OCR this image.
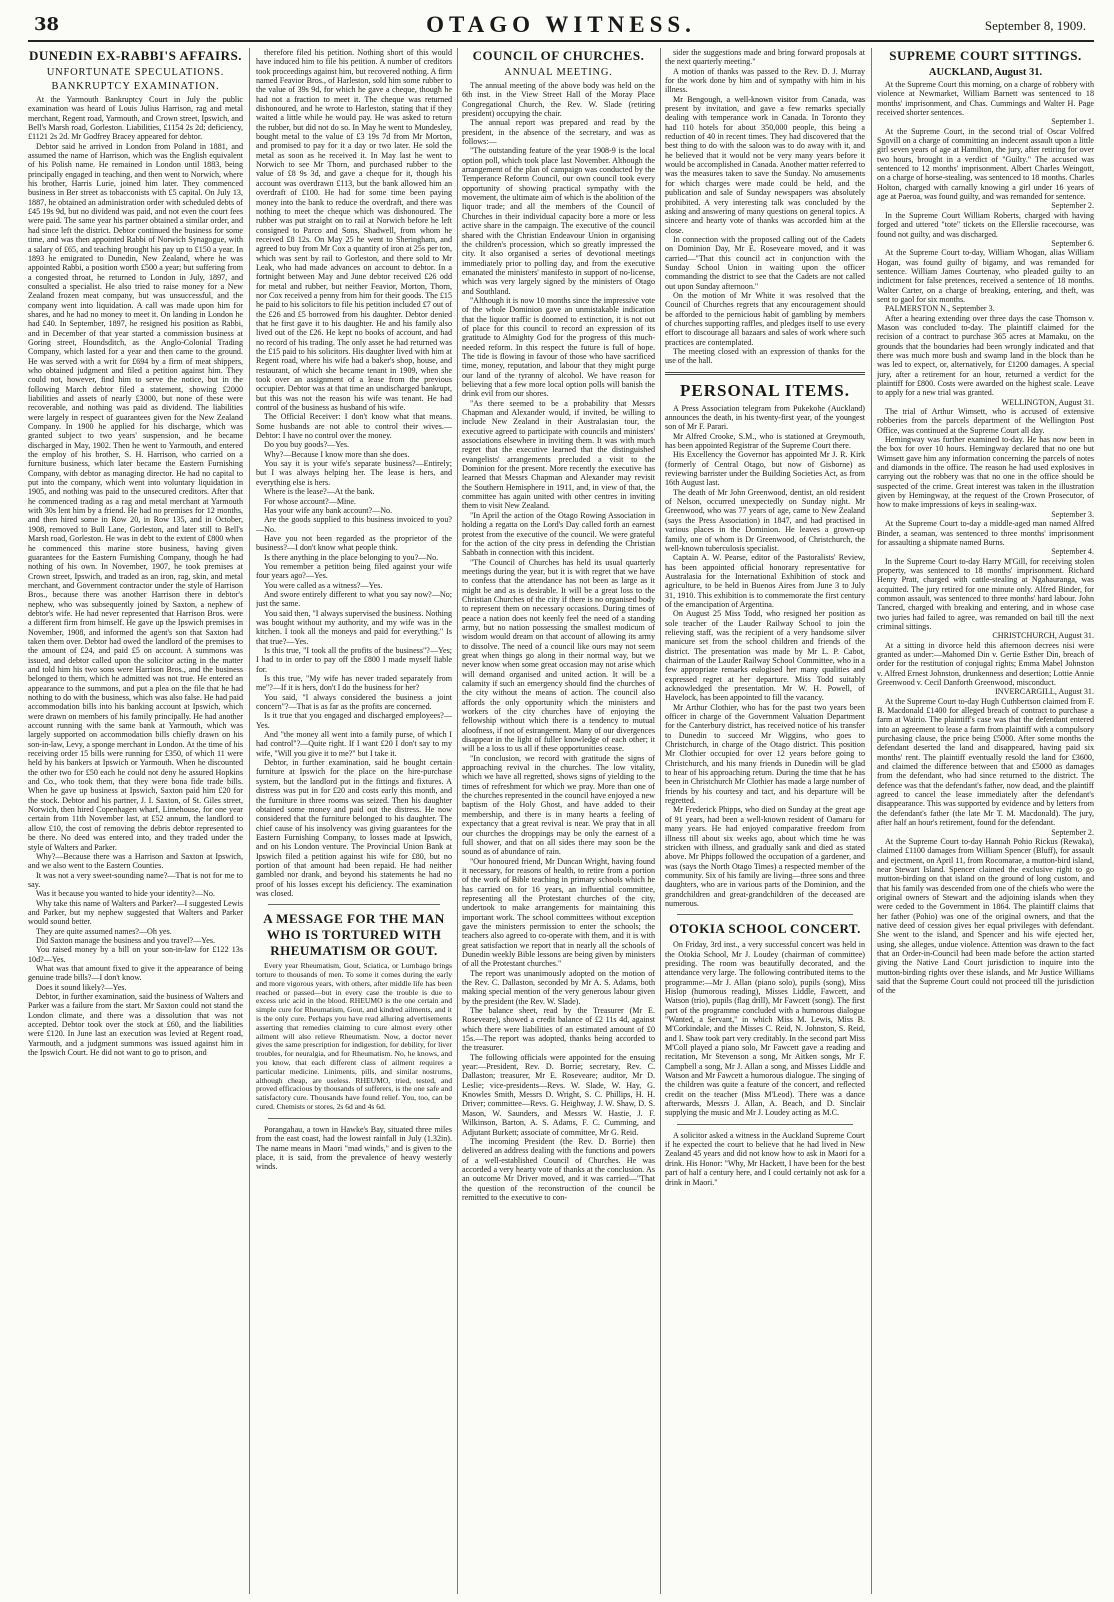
38	OTAGO WITNESS.	September 8, 1909.
DUNEDIN EX-RABBI'S AFFAIRS.
UNFORTUNATE SPECULATIONS.
BANKRUPTCY EXAMINATION.

At the Yarmouth Bankruptcy Court in July the public examination was heard of Louis Julius Harrison, rag and metal merchant, Regent road, Yarmouth, and Crown street, Ipswich, and Bell's Marsh road, Gorleston. Liabilities, £1154 2s 2d; deficiency, £1121 2s 2d. Mr Godfrey Bracey appeared for debtor.

Debtor said he arrived in London from Poland in 1881, and assumed the name of Harrison, which was the English equivalent of his Polish name. He remained in London until 1883, being principally engaged in teaching, and then went to Norwich, where his brother, Harris Lurie, joined him later. They commenced business in Ber street as tobacconists with £5 capital. On July 13, 1887, he obtained an administration order with scheduled debts of £45 19s 9d, but no dividend was paid, and not even the court fees were paid. The same year his partner obtained a similar order, and had since left the district. Debtor continued the business for some time, and was then appointed Rabbi of Norwich Synagogue, with a salary of £65, and teaching brought his pay up to £150 a year. In 1893 he emigrated to Dunedin, New Zealand, where he was appointed Rabbi, a position worth £500 a year; but suffering from a congested throat, he returned to London in July, 1897, and consulted a specialist. He also tried to raise money for a New Zealand frozen meat company, but was unsuccessful, and the company went into liquidation. A call was made upon him for shares, and he had no money to meet it. On landing in London he had £40. In September, 1897, he resigned his position as Rabbi, and in December of that year started a commission business at Goring street, Houndsditch, as the Anglo-Colonial Trading Company, which lasted for a year and then came to the ground. He was served with a writ for £694 by a firm of meat shippers, who obtained judgment and filed a petition against him. They could not, however, find him to serve the notice, but in the following March debtor filed a statement, showing £2000 liabilities and assets of nearly £3000, but none of these were recoverable, and nothing was paid as dividend. The liabilities were largely in respect of guarantees given for the New Zealand Company. In 1900 he applied for his discharge, which was granted subject to two years' suspension, and he became discharged in May, 1902. Then he went to Yarmouth, and entered the employ of his brother, S. H. Harrison, who carried on a furniture business, which later became the Eastern Furnishing Company, with debtor as managing director. He had no capital to put into the company, which went into voluntary liquidation in 1905, and nothing was paid to the unsecured creditors. After that he commenced trading as a rag and metal merchant at Yarmouth with 30s lent him by a friend. He had no premises for 12 months, and then hired some in Row 20, in Row 135, and in October, 1908, removed to Bull Lane, Gorleston, and later still to Bell's Marsh road, Gorleston. He was in debt to the extent of £800 when he commenced this marine store business, having given guarantees for the Eastern Furnishing Company, though he had nothing of his own. In November, 1907, he took premises at Crown street, Ipswich, and traded as an iron, rag, skin, and metal merchant, and Government contractor under the style of Harrison Bros., because there was another Harrison there in debtor's nephew, who was subsequently joined by Saxton, a nephew of debtor's wife. He had never represented that Harrison Bros. were a different firm from himself. He gave up the Ipswich premises in November, 1908, and informed the agent's son that Saxton had taken them over. Debtor had owed the landlord of the premises to the amount of £24, and paid £5 on account. A summons was issued, and debtor called upon the solicitor acting in the matter and told him his two sons were Harrison Bros., and the business belonged to them, which he admitted was not true. He entered an appearance to the summons, and put a plea on the file that he had nothing to do with the business, which was also false. He had paid accommodation bills into his banking account at Ipswich, which were drawn on members of his family principally. He had another account running with the same bank at Yarmouth, which was largely supported on accommodation bills chiefly drawn on his son-in-law, Levy, a sponge merchant in London. At the time of his receiving order 15 bills were running for £350, of which 11 were held by his bankers at Ipswich or Yarmouth. When he discounted the other two for £50 each he could not deny he assured Hopkins and Co., who took them, that they were bona fide trade bills. When he gave up business at Ipswich, Saxton paid him £20 for the stock. Debtor and his partner, J. I. Saxton, of St. Giles street, Norwich, then hired Copenhagen wharf, Limehouse, for one year certain from 11th November last, at £52 annum, the landlord to allow £10, the cost of removing the debris debtor represented to be there. No deed was entered into, and they traded under the style of Walters and Parker.

Why?—Because there was a Harrison and Saxton at Ipswich, and we also went to the Eastern Counties.

It was not a very sweet-sounding name?—That is not for me to say.

Was it because you wanted to hide your identity?—No.

Why take this name of Walters and Parker?—I suggested Lewis and Parker, but my nephew suggested that Walters and Parker would sound better.

They are quite assumed names?—Oh yes.

Did Saxton manage the business and you travel?—Yes.

You raised money by a bill on your son-in-law for £122 13s 10d?—Yes.

What was that amount fixed to give it the appearance of being genuine trade bills?—I don't know.

Does it sound likely?—Yes.

Debtor, in further examination, said the business of Walters and Parker was a failure from the start. Mr Saxton could not stand the London climate, and there was a dissolution that was not accepted. Debtor took over the stock at £60, and the liabilities were £120. In June last an execution was levied at Regent road, Yarmouth, and a judgment summons was issued against him in the Ipswich Court. He did not want to go to prison, and

therefore filed his petition. Nothing short of this would have induced him to file his petition. A number of creditors took proceedings against him, but recovered nothing. A firm named Feavior Bros., of Harleston, sold him some rubber to the value of 39s 9d, for which he gave a cheque, though he had not a fraction to meet it. The cheque was returned dishonoured, and he wrote to Harleston, stating that if they waited a little while he would pay. He was asked to return the rubber, but did not do so. In May he went to Mundesley, bought metal to the value of £3 19s 7d from Mr Morton, and promised to pay for it a day or two later. He sold the metal as soon as he received it. In May last he went to Norwich to see Mr Thorn, and purchased rubber to the value of £8 9s 3d, and gave a cheque for it, though his account was overdrawn £113, but the bank allowed him an overdraft of £100. He had for some time been paying money into the bank to reduce the overdraft, and there was nothing to meet the cheque which was dishonoured. The rubber was put straight on to rail at Norwich before he left consigned to Parco and Sons, Shadwell, from whom he received £8 12s. On May 25 he went to Sheringham, and agreed to buy from Mr Cox a quantity of iron at 25s per ton, which was sent by rail to Gorleston, and there sold to Mr Leak, who had made advances on account to debtor. In a fortnight between May and June debtor received £26 odd for metal and rubber, but neither Feavior, Morton, Thorn, nor Cox received a penny from him for their goods. The £15 he paid to his solicitors to file his petition included £7 out of the £26 and £5 borrowed from his daughter. Debtor denied that he first gave it to his daughter. He and his family also lived out of the £26. He kept no books of account, and had no record of his trading. The only asset he had returned was the £15 paid to his solicitors. His daughter lived with him at Regent road, where his wife had a baker's shop, house, and restaurant, of which she became tenant in 1909, when she took over an assignment of a lease from the previous occupier. Debtor was at that time an undischarged bankrupt, but this was not the reason his wife was tenant. He had control of the business as husband of his wife.

The Official Receiver: I don't know what that means. Some husbands are not able to control their wives.—Debtor: I have no control over the money.

Do you buy goods?—Yes.

Why?—Because I know more than she does.

You say it is your wife's separate business?—Entirely; but I was always helping her. The lease is hers, and everything else is hers.

Where is the lease?—At the bank.

For whose account?—Mine.

Has your wife any bank account?—No.

Are the goods supplied to this business invoiced to you?—No.

Have you not been regarded as the proprietor of the business?—I don't know what people think.

Is there anything in the place belonging to you?—No.

You remember a petition being filed against your wife four years ago?—Yes.

You were called as a witness?—Yes.

And swore entirely different to what you say now?—No; just the same.

You said then, "I always supervised the business. Nothing was bought without my authority, and my wife was in the kitchen. I took all the moneys and paid for everything." Is that true?—Yes.

Is this true, "I took all the profits of the business"?—Yes; I had to in order to pay off the £800 I made myself liable for.

Is this true, "My wife has never traded separately from me"?—If it is hers, don't I do the business for her?

You said, "I always considered the business a joint concern"?—That is as far as the profits are concerned.

Is it true that you engaged and discharged employees?—Yes.

And "the money all went into a family purse, of which I had control"?—Quite right. If I want £20 I don't say to my wife, "Will you give it to me?" but I take it.

Debtor, in further examination, said he bought certain furniture at Ipswich for the place on the hire-purchase system, but the landlord put in the fittings and fixtures. A distress was put in for £20 and costs early this month, and the furniture in three rooms was seized. Then his daughter obtained some money and paid out the distress. He now considered that the furniture belonged to his daughter. The chief cause of his insolvency was giving guarantees for the Eastern Furnishing Company, to losses made at Ipswich, and on his London venture. The Provincial Union Bank at Ipswich filed a petition against his wife for £80, but no portion of that amount had been repaid. He had neither gambled nor drank, and beyond his statements he had no proof of his losses except his deficiency. The examination was closed.

A MESSAGE FOR THE MAN WHO IS TORTURED WITH RHEUMATISM OR GOUT.

Every year Rheumatism, Gout, Sciatica, or Lumbago brings torture to thousands of men. To some it comes during the early and more vigorous years, with others, after middle life has been reached or passed—but in every case the trouble is due to excess uric acid in the blood. RHEUMO is the one certain and simple cure for Rheumatism, Gout, and kindred ailments, and it is the only cure. Perhaps you have read alluring advertisements asserting that remedies claiming to cure almost every other ailment will also relieve Rheumatism. Now, a doctor never gives the same prescription for indigestion, for debility, for liver troubles, for neuralgia, and for Rheumatism. No, he knows, and you know, that each different class of ailment requires a particular medicine. Liniments, pills, and similar nostrums, although cheap, are useless. RHEUMO, tried, tested, and proved efficacious by thousands of sufferers, is the one safe and satisfactory cure. Thousands have found relief. You, too, can be cured. Chemists or stores, 2s 6d and 4s 6d.

Porangahau, a town in Hawke's Bay, situated three miles from the east coast, had the lowest rainfall in July (1.32in). The name means in Maori "mad winds," and is given to the place, it is said, from the prevalence of heavy westerly winds.

COUNCIL OF CHURCHES.
ANNUAL MEETING.

The annual meeting of the above body was held on the 6th inst. in the View Street Hall of the Moray Place Congregational Church, the Rev. W. Slade (retiring president) occupying the chair.

The annual report was prepared and read by the president, in the absence of the secretary, and was as follows:—

"The outstanding feature of the year 1908-9 is the local option poll, which took place last November. Although the arrangement of the plan of campaign was conducted by the Temperance Reform Council, our own council took every opportunity of showing practical sympathy with the movement, the ultimate aim of which is the abolition of the liquor trade; and all the members of the Council of Churches in their individual capacity bore a more or less active share in the campaign. The executive of the council shared with the Christian Endeavour Union in organising the children's procession, which so greatly impressed the city. It also organised a series of devotional meetings immediately prior to polling day, and from the executive emanated the ministers' manifesto in support of no-license, which was very largely signed by the ministers of Otago and Southland.

"Although it is now 10 months since the impressive vote of the whole Dominion gave an unmistakable indication that the liquor traffic is doomed to extinction, it is not out of place for this council to record an expression of its gratitude to Almighty God for the progress of this much-needed reform. In this respect the future is full of hope. The tide is flowing in favour of those who have sacrificed time, money, reputation, and labour that they might purge our land of the tyranny of alcohol. We have reason for believing that a few more local option polls will banish the drink evil from our shores.

"As there seemed to be a probability that Messrs Chapman and Alexander would, if invited, be willing to include New Zealand in their Australasian tour, the executive agreed to participate with councils and ministers' associations elsewhere in inviting them. It was with much regret that the executive learned that the distinguished evangelists' arrangements precluded a visit to the Dominion for the present. More recently the executive has learned that Messrs Chapman and Alexander may revisit the Southern Hemisphere in 1911, and, in view of that, the committee has again united with other centres in inviting them to visit New Zealand.

"In April the action of the Otago Rowing Association in holding a regatta on the Lord's Day called forth an earnest protest from the executive of the council. We were grateful for the action of the city press in defending the Christian Sabbath in connection with this incident.

"The Council of Churches has held its usual quarterly meetings during the year, but it is with regret that we have to confess that the attendance has not been as large as it might be and as is desirable. It will be a great loss to the Christian Churches of the city if there is no organised body to represent them on necessary occasions. During times of peace a nation does not keenly feel the need of a standing army, but no nation possessing the smallest modicum of wisdom would dream on that account of allowing its army to dissolve. The need of a council like ours may not seem great when things go along in their normal way, but we never know when some great occasion may not arise which will demand organised and united action. It will be a calamity if such an emergency should find the churches of the city without the means of action. The council also affords the only opportunity which the ministers and workers of the city churches have of enjoying the fellowship without which there is a tendency to mutual aloofness, if not of estrangement. Many of our divergences disappear in the light of fuller knowledge of each other; it will be a loss to us all if these opportunities cease.

"In conclusion, we record with gratitude the signs of approaching revival in the churches. The low vitality, which we have all regretted, shows signs of yielding to the times of refreshment for which we pray. More than one of the churches represented in the council have enjoyed a new baptism of the Holy Ghost, and have added to their membership, and there is in many hearts a feeling of expectancy that a great revival is near. We pray that in all our churches the droppings may be only the earnest of a full shower, and that on all sides there may soon be the sound as of abundance of rain.

"Our honoured friend, Mr Duncan Wright, having found it necessary, for reasons of health, to retire from a portion of the work of Bible teaching in primary schools which he has carried on for 16 years, an influential committee, representing all the Protestant churches of the city, undertook to make arrangements for maintaining this important work. The school committees without exception gave the ministers permission to enter the schools; the teachers also agreed to co-operate with them, and it is with great satisfaction we report that in nearly all the schools of Dunedin weekly Bible lessons are being given by ministers of all the Protestant churches."

The report was unanimously adopted on the motion of the Rev. C. Dallaston, seconded by Mr A. S. Adams, both making special mention of the very generous labour given by the president (the Rev. W. Slade).

The balance sheet, read by the Treasurer (Mr E. Roseveare), showed a credit balance of £2 11s 4d, against which there were liabilities of an estimated amount of £0 15s.—The report was adopted, thanks being accorded to the treasurer.

The following officials were appointed for the ensuing year:—President, Rev. D. Borrie; secretary, Rev. C. Dallaston; treasurer, Mr E. Roseveare; auditor, Mr D. Leslie; vice-presidents—Revs. W. Slade, W. Hay, G. Knowles Smith, Messrs D. Wright, S. C. Phillips, H. H. Driver; committee—Revs. G. Heighway, J. W. Shaw, D. S. Mason, W. Saunders, and Messrs W. Hastie, J. F. Wilkinson, Barton, A. S. Adams, F. C. Cumming, and Adjutant Burkett; associate of committee, Mr G. Reid.

The incoming President (the Rev. D. Borrie) then delivered an address dealing with the functions and powers of a well-established Council of Churches. He was accorded a very hearty vote of thanks at the conclusion. As an outcome Mr Driver moved, and it was carried—"That the question of the reconstruction of the council be remitted to the executive to con-

sider the suggestions made and bring forward proposals at the next quarterly meeting."

A motion of thanks was passed to the Rev. D. J. Murray for the work done by him and of sympathy with him in his illness.

Mr Bengough, a well-known visitor from Canada, was present by invitation, and gave a few remarks specially dealing with temperance work in Canada. In Toronto they had 110 hotels for about 350,000 people, this being a reduction of 40 in recent times. They had discovered that the best thing to do with the saloon was to do away with it, and he believed that it would not be very many years before it would be accomplished in Canada. Another matter referred to was the measures taken to save the Sunday. No amusements for which charges were made could be held, and the publication and sale of Sunday newspapers was absolutely prohibited. A very interesting talk was concluded by the asking and answering of many questions on general topics. A sincere and hearty vote of thanks was accorded him at the close.

In connection with the proposed calling out of the Cadets on Dominion Day, Mr E. Roseveare moved, and it was carried—"That this council act in conjunction with the Sunday School Union in waiting upon the officer commanding the district to see that the Cadets are not called out upon Sunday afternoon."

On the motion of Mr White it was resolved that the Council of Churches regrets that any encouragement should be afforded to the pernicious habit of gambling by members of churches supporting raffles, and pledges itself to use every effort to discourage all bazaars and sales of work where such practices are contemplated.

The meeting closed with an expression of thanks for the use of the hall.

PERSONAL ITEMS.

A Press Association telegram from Pukekohe (Auckland) announces the death, in his twenty-first year, of the youngest son of Mr F. Parari.

Mr Alfred Crooke, S.M., who is stationed at Greymouth, has been appointed Registrar of the Supreme Court there.

His Excellency the Governor has appointed Mr J. R. Kirk (formerly of Central Otago, but now of Gisborne) as reviewing barrister under the Building Societies Act, as from 16th August last.

The death of Mr John Greenwood, dentist, an old resident of Nelson, occurred unexpectedly on Sunday night. Mr Greenwood, who was 77 years of age, came to New Zealand (says the Press Association) in 1847, and had practised in various places in the Dominion. He leaves a grown-up family, one of whom is Dr Greenwood, of Christchurch, the well-known tuberculosis specialist.

Captain A. W. Pearse, editor of the Pastoralists' Review, has been appointed official honorary representative for Australasia for the International Exhibition of stock and agriculture, to be held in Buenos Aires from June 3 to July 31, 1910. This exhibition is to commemorate the first century of the emancipation of Argentina.

On August 25 Miss Todd, who resigned her position as sole teacher of the Lauder Railway School to join the relieving staff, was the recipient of a very handsome silver manicure set from the school children and friends of the district. The presentation was made by Mr L. P. Cabot, chairman of the Lauder Railway School Committee, who in a few appropriate remarks eulogised her many qualities and expressed regret at her departure. Miss Todd suitably acknowledged the presentation. Mr W. H. Powell, of Havelock, has been appointed to fill the vacancy.

Mr Arthur Clothier, who has for the past two years been officer in charge of the Government Valuation Department for the Canterbury district, has received notice of his transfer to Dunedin to succeed Mr Wiggins, who goes to Christchurch, in charge of the Otago district. This position Mr Clothier occupied for over 12 years before going to Christchurch, and his many friends in Dunedin will be glad to hear of his approaching return. During the time that he has been in Christchurch Mr Clothier has made a large number of friends by his courtesy and tact, and his departure will be regretted.

Mr Frederick Phipps, who died on Sunday at the great age of 91 years, had been a well-known resident of Oamaru for many years. He had enjoyed comparative freedom from illness till about six weeks ago, about which time he was stricken with illness, and gradually sank and died as stated above. Mr Phipps followed the occupation of a gardener, and was (says the North Otago Times) a respected member of the community. Six of his family are living—three sons and three daughters, who are in various parts of the Dominion, and the grandchildren and great-grandchildren of the deceased are numerous.

OTOKIA SCHOOL CONCERT.

On Friday, 3rd inst., a very successful concert was held in the Otokia School, Mr J. Loudey (chairman of committee) presiding. The room was beautifully decorated, and the attendance very large. The following contributed items to the programme:—Mr J. Allan (piano solo), pupils (song), Miss Hislop (humorous reading), Misses Liddle, Fawcett, and Watson (trio), pupils (flag drill), Mr Fawcett (song). The first part of the programme concluded with a humorous dialogue "Wanted, a Servant," in which Miss M. Lewis, Miss B. M'Corkindale, and the Misses C. Reid, N. Johnston, S. Reid, and I. Shaw took part very creditably. In the second part Miss M'Coll played a piano solo, Mr Fawcett gave a reading and recitation, Mr Stevenson a song, Mr Aitken songs, Mr F. Campbell a song, Mr J. Allan a song, and Misses Liddle and Watson and Mr Fawcett a humorous dialogue. The singing of the children was quite a feature of the concert, and reflected credit on the teacher (Miss M'Leod). There was a dance afterwards, Messrs J. Allan, A. Beach, and D. Sinclair supplying the music and Mr J. Loudey acting as M.C.

A solicitor asked a witness in the Auckland Supreme Court if he expected the court to believe that he had lived in New Zealand 45 years and did not know how to ask in Maori for a drink. His Honor: "Why, Mr Hackett, I have been for the best part of half a century here, and I could certainly not ask for a drink in Maori."

SUPREME COURT SITTINGS.
AUCKLAND, August 31.

At the Supreme Court this morning, on a charge of robbery with violence at Newmarket, William Barnett was sentenced to 18 months' imprisonment, and Chas. Cummings and Walter H. Page received shorter sentences.

September 1.

At the Supreme Court, in the second trial of Oscar Volfred Sgovill on a charge of committing an indecent assault upon a little girl seven years of age at Hamilton, the jury, after retiring for over two hours, brought in a verdict of "Guilty." The accused was sentenced to 12 months' imprisonment. Albert Charles Weingott, on a charge of horse-stealing, was sentenced to 18 months. Charles Holton, charged with carnally knowing a girl under 16 years of age at Paeroa, was found guilty, and was remanded for sentence.

September 2.

In the Supreme Court William Roberts, charged with having forged and uttered "tote" tickets on the Ellerslie racecourse, was found not guilty, and was discharged.

September 6.

At the Supreme Court to-day, William Whogan, alias William Hogan, was found guilty of bigamy, and was remanded for sentence. William James Courtenay, who pleaded guilty to an indictment for false pretences, received a sentence of 18 months. Walter Carter, on a charge of breaking, entering, and theft, was sent to gaol for six months.

PALMERSTON N., September 3.

After a hearing extending over three days the case Thomson v. Mason was concluded to-day. The plaintiff claimed for the recision of a contract to purchase 365 acres at Mamaku, on the grounds that the boundaries had been wrongly indicated and that there was much more bush and swamp land in the block than he was led to expect, or, alternatively, for £1200 damages. A special jury, after a retirement for an hour, returned a verdict for the plaintiff for £800. Costs were awarded on the highest scale. Leave to apply for a new trial was granted.

WELLINGTON, August 31.

The trial of Arthur Wimsett, who is accused of extensive robberies from the parcels department of the Wellington Post Office, was continued at the Supreme Court all day.

Hemingway was further examined to-day. He has now been in the box for over 10 hours. Hemingway declared that no one but Wimsett gave him any information concerning the parcels of notes and diamonds in the office. The reason he had used explosives in carrying out the robbery was that no one in the office should be suspected of the crime. Great interest was taken in the illustration given by Hemingway, at the request of the Crown Prosecutor, of how to make impressions of keys in sealing-wax.

September 3.

At the Supreme Court to-day a middle-aged man named Alfred Binder, a seaman, was sentenced to three months' imprisonment for assaulting a shipmate named Burns.

September 4.

In the Supreme Court to-day Harry M'Gill, for receiving stolen property, was sentenced to 18 months' imprisonment. Richard Henry Pratt, charged with cattle-stealing at Ngahauranga, was acquitted. The jury retired for one minute only. Alfred Binder, for common assault, was sentenced to three months' hard labour. John Tancred, charged with breaking and entering, and in whose case two juries had failed to agree, was remanded on bail till the next criminal sittings.

CHRISTCHURCH, August 31.

At a sitting in divorce held this afternoon decrees nisi were granted as under:—Mahomed Din v. Gertie Esther Din, breach of order for the restitution of conjugal rights; Emma Mabel Johnston v. Alfred Ernest Johnston, drunkenness and desertion; Lottie Annie Greenwood v. Cecil Danforth Greenwood, misconduct.

INVERCARGILL, August 31.

At the Supreme Court to-day Hugh Cuthbertson claimed from F. B. Macdonald £1400 for alleged breach of contract to purchase a farm at Wairio. The plaintiff's case was that the defendant entered into an agreement to lease a farm from plaintiff with a compulsory purchasing clause, the price being £5000. After some months the defendant deserted the land and disappeared, having paid six months' rent. The plaintiff eventually resold the land for £3600, and claimed the difference between that and £5000 as damages from the defendant, who had since returned to the district. The defence was that the defendant's father, now dead, and the plaintiff agreed to cancel the lease immediately after the defendant's disappearance. This was supported by evidence and by letters from the defendant's father (the late Mr T. M. Macdonald). The jury, after half an hour's retirement, found for the defendant.

September 2.

At the Supreme Court to-day Hannah Pohio Rickus (Rewaka), claimed £1100 damages from William Spencer (Bluff), for assault and ejectment, on April 11, from Rocomarae, a mutton-bird island, near Stewart Island. Spencer claimed the exclusive right to go mutton-birding on that island on the ground of long custom, and that his family was descended from one of the chiefs who were the original owners of Stewart and the adjoining islands when they were ceded to the Government in 1864. The plaintiff claims that her father (Pohio) was one of the original owners, and that the native deed of cession gives her equal privileges with defendant. She went to the island, and Spencer and his wife ejected her, using, she alleges, undue violence. Attention was drawn to the fact that an Order-in-Council had been made before the action started giving the Native Land Court jurisdiction to inquire into the mutton-birding rights over these islands, and Mr Justice Williams said that the Supreme Court could not proceed till the jurisdiction of the
